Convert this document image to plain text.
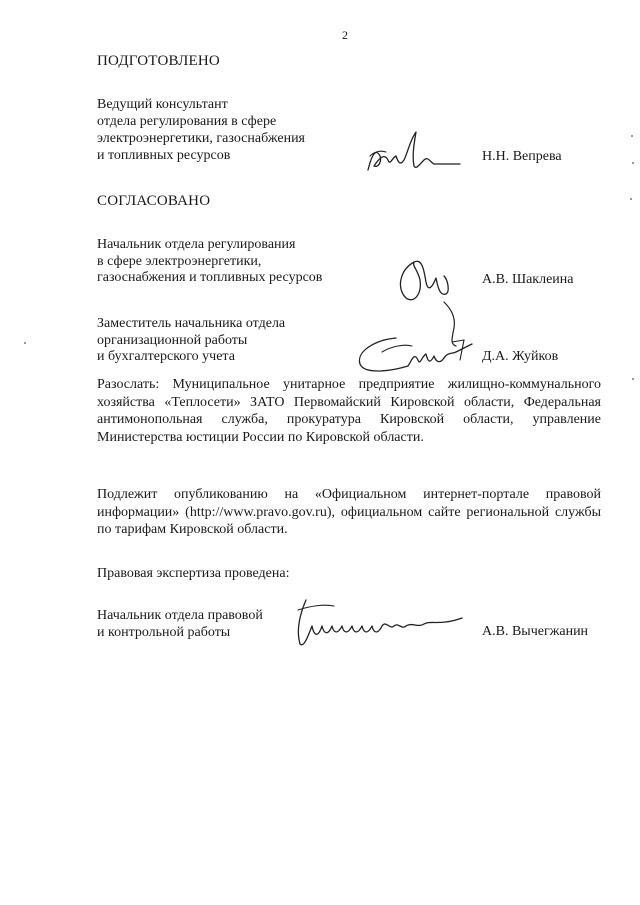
2
ПОДГОТОВЛЕНО
Ведущий консультант
отдела регулирования в сфере
электроэнергетики, газоснабжения
и топливных ресурсов	Н.Н. Вепрева
СОГЛАСОВАНО
Начальник отдела регулирования
в сфере электроэнергетики,
газоснабжения и топливных ресурсов	А.В. Шаклеина
Заместитель начальника отдела
организационной работы
и бухгалтерского учета	Д.А. Жуйков
Разослать: Муниципальное унитарное предприятие жилищно-коммунального хозяйства «Теплосети» ЗАТО Первомайский Кировской области, Федеральная антимонопольная служба, прокуратура Кировской области, управление Министерства юстиции России по Кировской области.
Подлежит опубликованию на «Официальном интернет-портале правовой информации» (http://www.pravo.gov.ru), официальном сайте региональной службы по тарифам Кировской области.
Правовая экспертиза проведена:
Начальник отдела правовой
и контрольной работы	А.В. Вычегжанин
